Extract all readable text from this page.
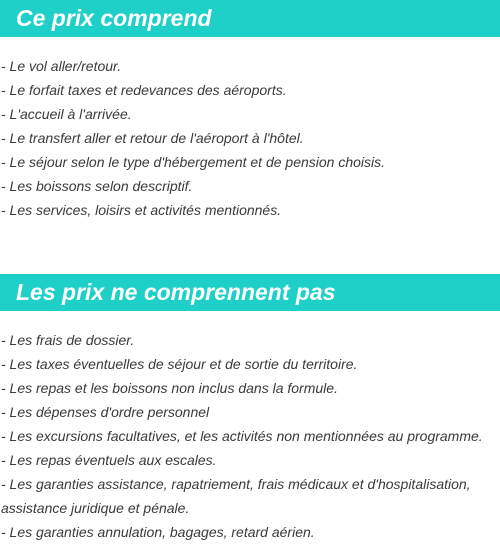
Ce prix comprend
- Le vol aller/retour.
- Le forfait taxes et redevances des aéroports.
- L'accueil à l'arrivée.
- Le transfert aller et retour de l'aéroport à l'hôtel.
- Le séjour selon le type d'hébergement et de pension choisis.
- Les boissons selon descriptif.
- Les services, loisirs et activités mentionnés.
Les prix ne comprennent pas
- Les frais de dossier.
- Les taxes éventuelles de séjour et de sortie du territoire.
- Les repas et les boissons non inclus dans la formule.
- Les dépenses d'ordre personnel
- Les excursions facultatives, et les activités non mentionnées au programme.
- Les repas éventuels aux escales.
- Les garanties assistance, rapatriement, frais médicaux et d'hospitalisation,
assistance juridique et pénale.
- Les garanties annulation, bagages, retard aérien.
